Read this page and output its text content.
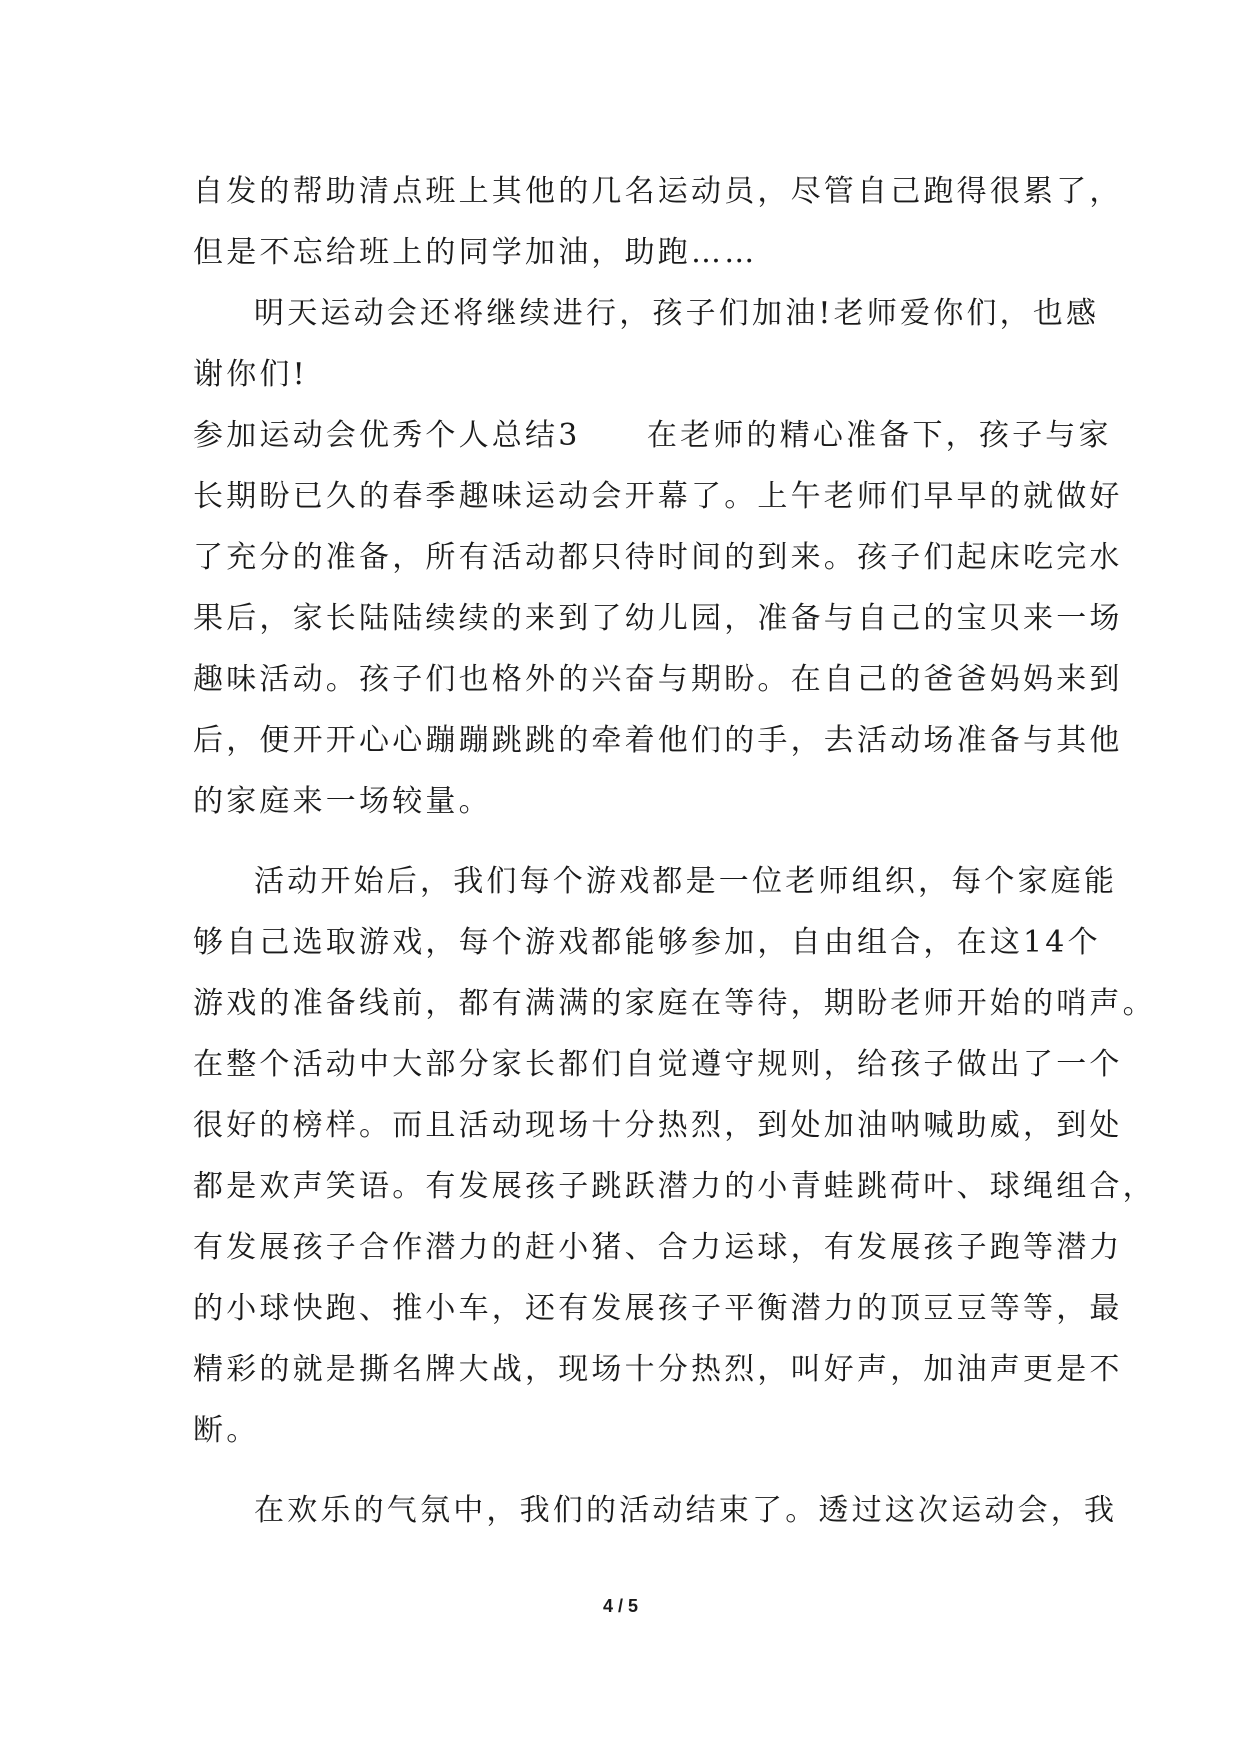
自发的帮助清点班上其他的几名运动员，尽管自己跑得很累了，
但是不忘给班上的同学加油，助跑……
明天运动会还将继续进行，孩子们加油!老师爱你们，也感
谢你们!
参加运动会优秀个人总结3　　在老师的精心准备下，孩子与家
长期盼已久的春季趣味运动会开幕了。上午老师们早早的就做好
了充分的准备，所有活动都只待时间的到来。孩子们起床吃完水
果后，家长陆陆续续的来到了幼儿园，准备与自己的宝贝来一场
趣味活动。孩子们也格外的兴奋与期盼。在自己的爸爸妈妈来到
后，便开开心心蹦蹦跳跳的牵着他们的手，去活动场准备与其他
的家庭来一场较量。
活动开始后，我们每个游戏都是一位老师组织，每个家庭能
够自己选取游戏，每个游戏都能够参加，自由组合，在这14个
游戏的准备线前，都有满满的家庭在等待，期盼老师开始的哨声。
在整个活动中大部分家长都们自觉遵守规则，给孩子做出了一个
很好的榜样。而且活动现场十分热烈，到处加油呐喊助威，到处
都是欢声笑语。有发展孩子跳跃潜力的小青蛙跳荷叶、球绳组合，
有发展孩子合作潜力的赶小猪、合力运球，有发展孩子跑等潜力
的小球快跑、推小车，还有发展孩子平衡潜力的顶豆豆等等，最
精彩的就是撕名牌大战，现场十分热烈，叫好声，加油声更是不
断。
在欢乐的气氛中，我们的活动结束了。透过这次运动会，我
4 / 5
